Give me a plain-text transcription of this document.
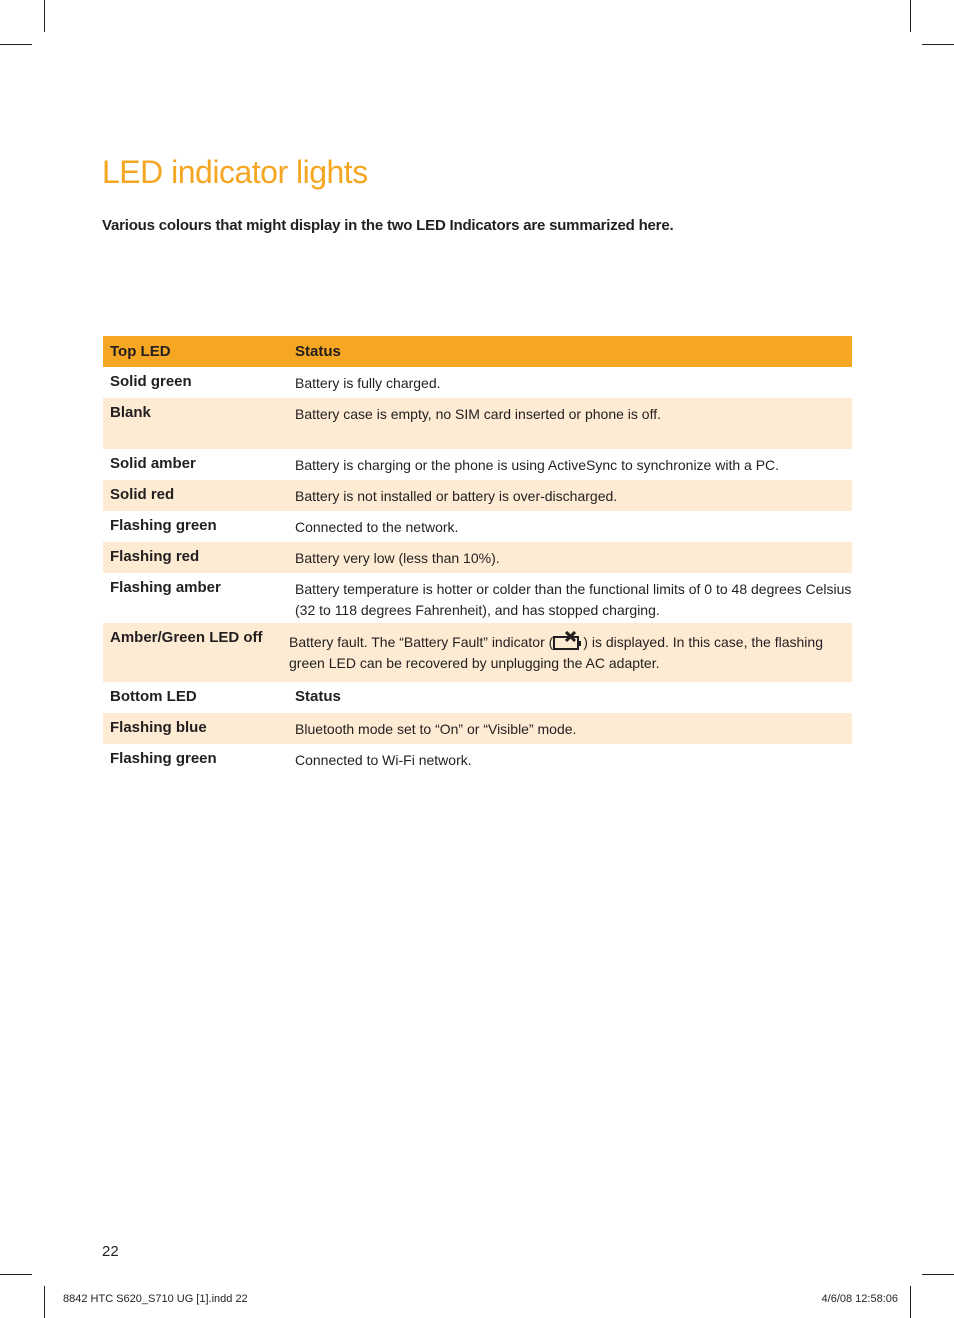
LED indicator lights

Various colours that might display in the two LED Indicators are summarized here.

Top LED	Status
Solid green	Battery is fully charged.
Blank	Battery case is empty, no SIM card inserted or phone is off.
Solid amber	Battery is charging or the phone is using ActiveSync to synchronize with a PC.
Solid red	Battery is not installed or battery is over-discharged.
Flashing green	Connected to the network.
Flashing red	Battery very low (less than 10%).
Flashing amber	Battery temperature is hotter or colder than the functional limits of 0 to 48 degrees Celsius (32 to 118 degrees Fahrenheit), and has stopped charging.
Amber/Green LED off	Battery fault. The “Battery Fault” indicator ( ) is displayed. In this case, the flashing green LED can be recovered by unplugging the AC adapter.
Bottom LED	Status
Flashing blue	Bluetooth mode set to “On” or “Visible” mode.
Flashing green	Connected to Wi-Fi network.
22
8842 HTC S620_S710 UG [1].indd 22	4/6/08 12:58:06
